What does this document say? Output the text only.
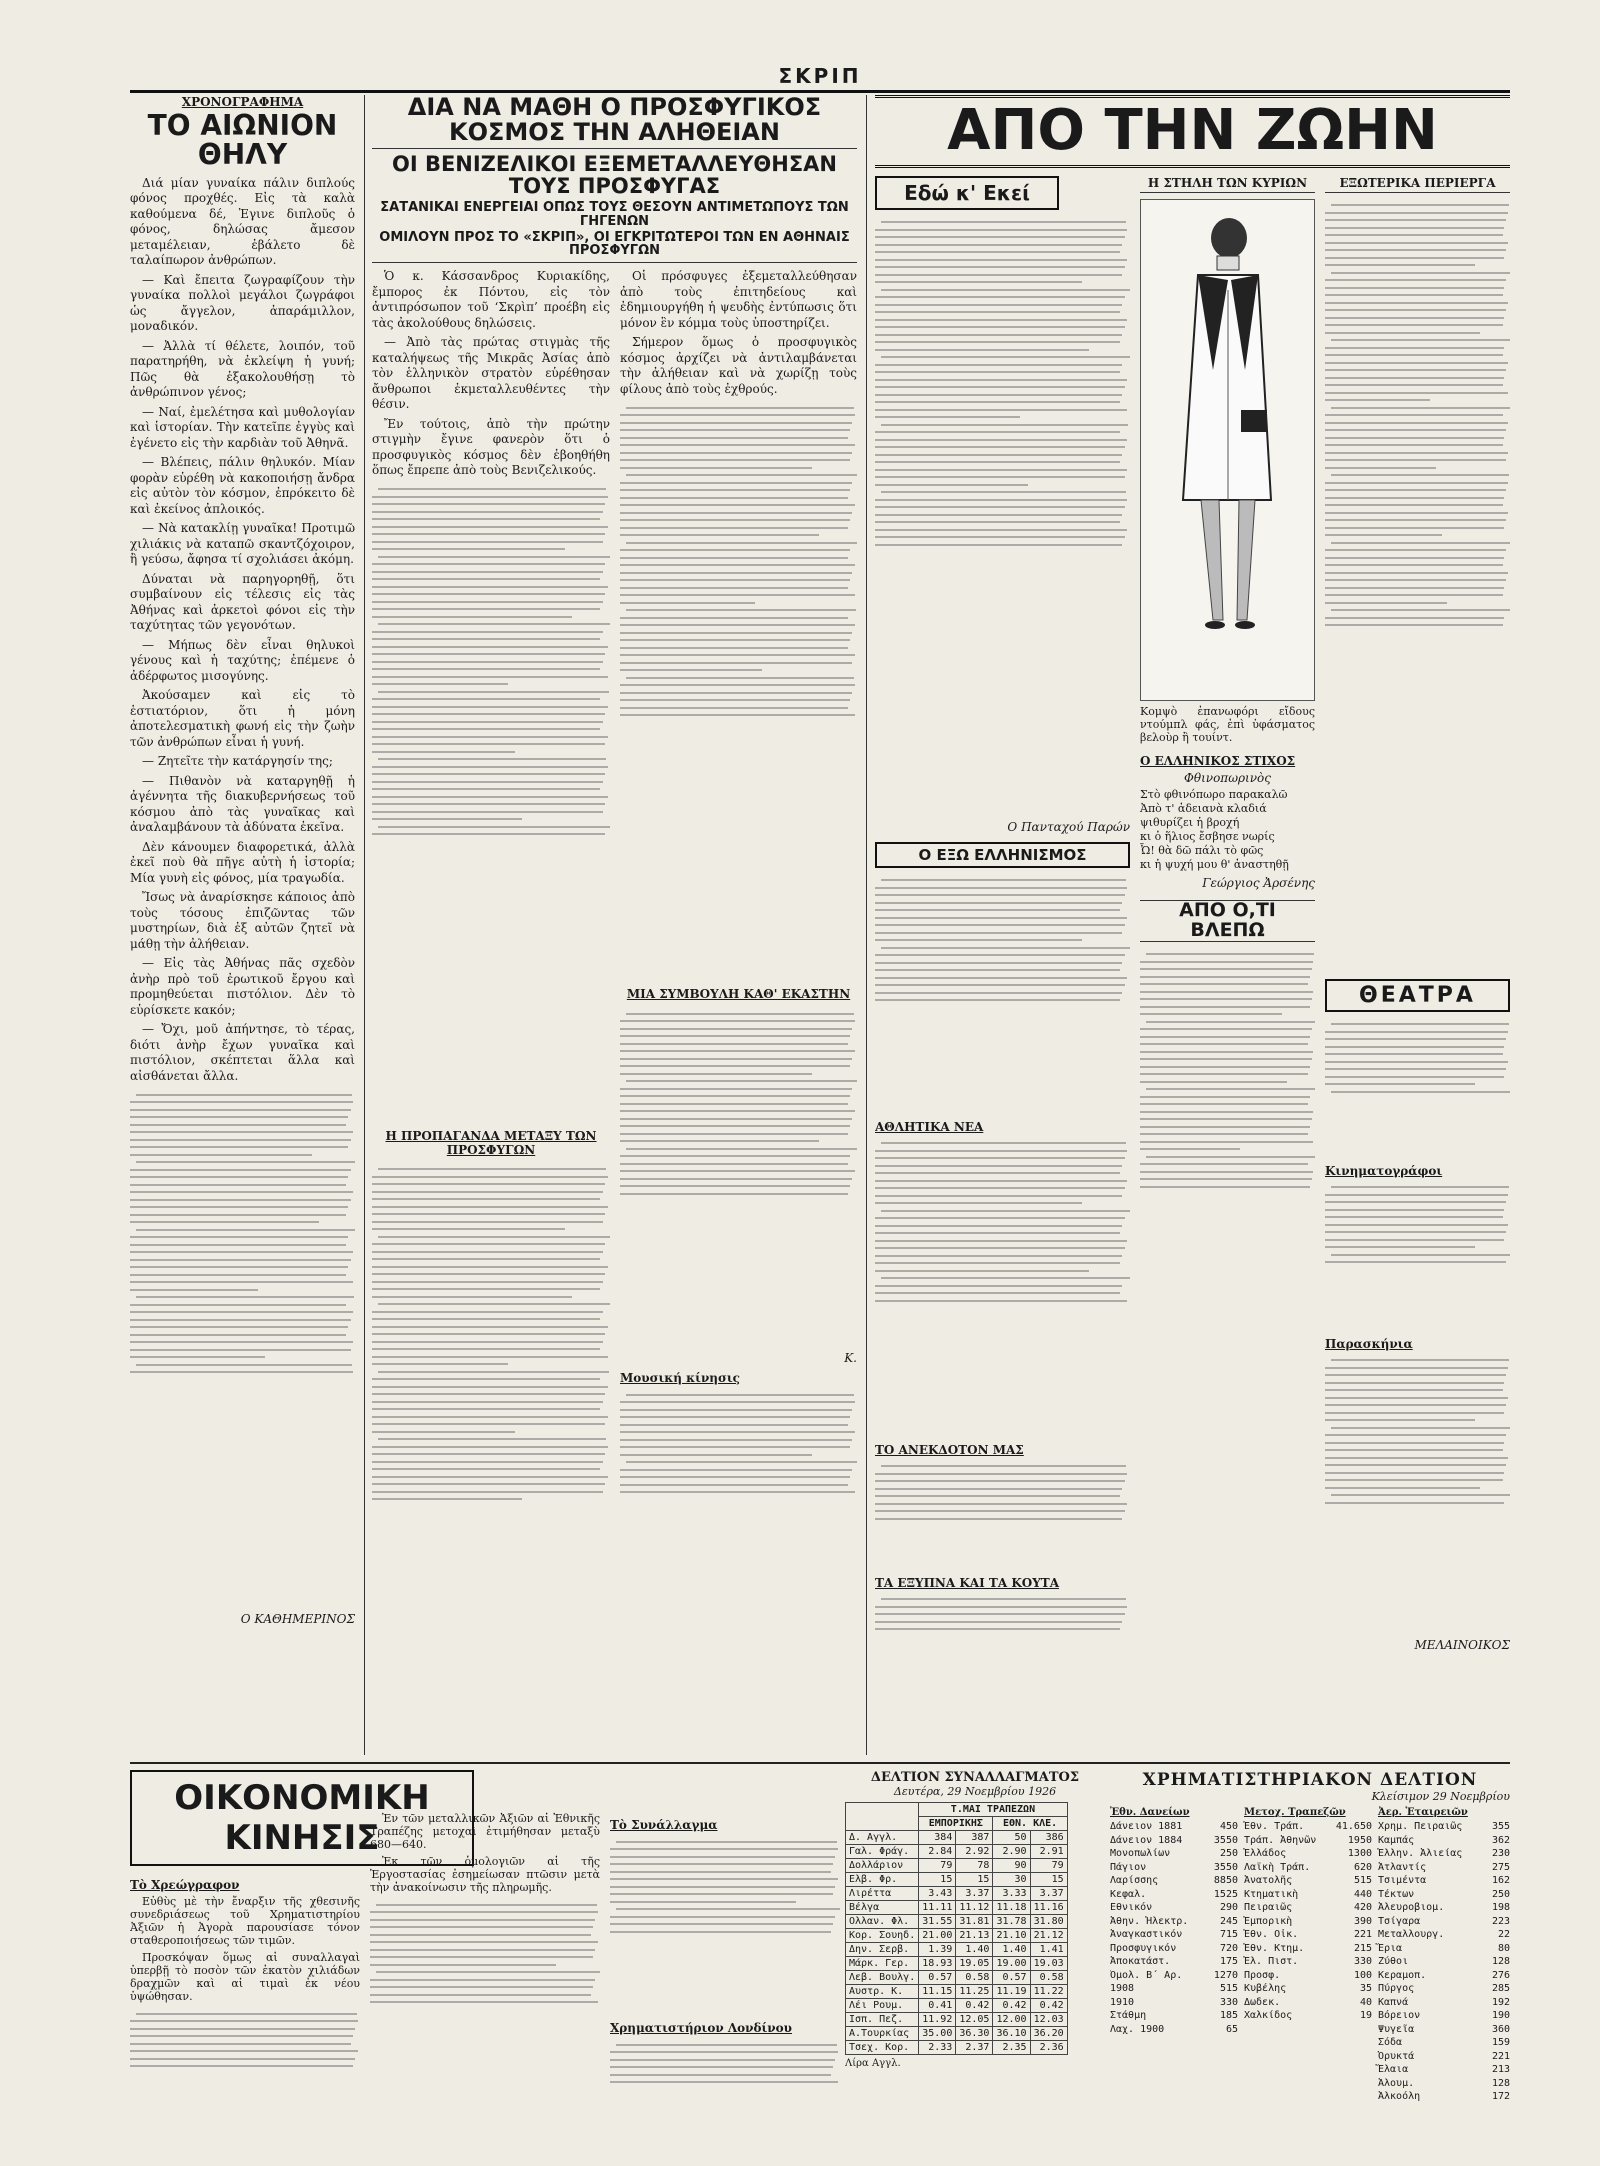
ΣΚΡΙΠ
ΧΡΟΝΟΓΡΑΦΗΜΑ
ΤΟ ΑΙΩΝΙΟΝ ΘΗΛΥ

Διά μίαν γυναίκα πάλιν διπλούς φόνος προχθές. Εἰς τὰ καλὰ καθούμενα δέ, Ἐγινε διπλοῦς ὁ φόνος, δηλώσας ἄμεσον μεταμέλειαν, ἐβάλετο δὲ ταλαίπωρον ἀνθρώπων.

— Καὶ ἔπειτα ζωγραφίζουν τὴν γυναίκα πολλοὶ μεγάλοι ζωγράφοι ὡς ἄγγελον, ἀπαράμιλλον, μοναδικόν.

— Ἀλλὰ τί θέλετε, λοιπόν, τοῦ παρατηρήθη, νὰ ἐκλείψη ἡ γυνή; Πῶς θὰ ἐξακολουθήσῃ τὸ ἀνθρώπινον γένος;

— Ναί, ἐμελέτησα καὶ μυθολογίαν καὶ ἱστορίαν. Τὴν κατεῖπε ἐγγὺς καὶ ἐγένετο εἰς τὴν καρδιὰν τοῦ Ἀθηνᾶ.

— Βλέπεις, πάλιν θηλυκόν. Μίαν φορὰν εὑρέθη νὰ κακοποιήσῃ ἄνδρα εἰς αὐτὸν τὸν κόσμον, ἐπρόκειτο δὲ καὶ ἐκείνος ἀπλοικός.

— Νὰ κατακλίῃ γυναῖκα! Προτιμῶ χιλιάκις νὰ καταπῶ σκαντζόχοιρον, ἢ γεύσω, ἄφησα τί σχολιάσει ἀκόμη.

Δύναται νὰ παρηγορηθῇ, ὅτι συμβαίνουν εἰς τέλεσις εἰς τὰς Ἀθήνας καὶ ἀρκετοὶ φόνοι εἰς τὴν ταχύτητας τῶν γεγονότων.

— Μήπως δὲν εἶναι θηλυκοὶ γένους καὶ ἡ ταχύτης; ἐπέμενε ὁ ἀδέρφωτος μισογύνης.

Ἀκούσαμεν καὶ εἰς τὸ ἑστιατόριον, ὅτι ἡ μόνη ἀποτελεσματικὴ φωνή εἰς τὴν ζωὴν τῶν ἀνθρώπων εἶναι ἡ γυνή.

— Ζητεῖτε τὴν κατάργησίν της;

— Πιθανὸν νὰ καταργηθῇ ἡ ἀγέννητα τῆς διακυβερνήσεως τοῦ κόσμου ἀπὸ τὰς γυναῖκας καὶ ἀναλαμβάνουν τὰ ἀδύνατα ἐκεῖνα.

Δὲν κάνουμεν διαφορετικά, ἀλλὰ ἐκεῖ ποὺ θὰ πῆγε αὐτὴ ἡ ἱστορία; Μία γυνὴ εἰς φόνος, μία τραγωδία.

Ἴσως νὰ ἀναρίσκησε κάποιος ἀπὸ τοὺς τόσους ἐπιζῶντας τῶν μυστηρίων, διὰ ἐξ αὐτῶν ζητεῖ νὰ μάθῃ τὴν ἀλήθειαν.

— Εἰς τὰς Ἀθήνας πᾶς σχεδὸν ἀνὴρ πρὸ τοῦ ἐρωτικοῦ ἔργου καὶ προμηθεύεται πιστόλιον. Δὲν τὸ εὑρίσκετε κακόν;

— Ὄχι, μοῦ ἀπήντησε, τὸ τέρας, διότι ἀνὴρ ἔχων γυναῖκα καὶ πιστόλιον, σκέπτεται ἅλλα καὶ αἰσθάνεται ἄλλα.

Ο ΚΑΘΗΜΕΡΙΝΟΣ
ΔΙΑ ΝΑ ΜΑΘΗ Ο ΠΡΟΣΦΥΓΙΚΟΣ ΚΟΣΜΟΣ ΤΗΝ ΑΛΗΘΕΙΑΝ
ΟΙ ΒΕΝΙΖΕΛΙΚΟΙ ΕΞΕΜΕΤΑΛΛΕΥΘΗΣΑΝ ΤΟΥΣ ΠΡΟΣΦΥΓΑΣ
ΣΑΤΑΝΙΚΑΙ ΕΝΕΡΓΕΙΑΙ ΟΠΩΣ ΤΟΥΣ ΘΕΣΟΥΝ ΑΝΤΙΜΕΤΩΠΟΥΣ ΤΩΝ ΓΗΓΕΝΩΝ
ΟΜΙΛΟΥΝ ΠΡΟΣ ΤΟ «ΣΚΡΙΠ», ΟΙ ΕΓΚΡΙΤΩΤΕΡΟΙ ΤΩΝ ΕΝ ΑΘΗΝΑΙΣ ΠΡΟΣΦΥΓΩΝ

Ὁ κ. Κάσσανδρος Κυριακίδης, ἔμπορος ἐκ Πόντου, εἰς τὸν ἀντιπρόσωπον τοῦ ‘Σκρὶπ’ προέβη εἰς τὰς ἀκολούθους δηλώσεις.

— Ἀπὸ τὰς πρώτας στιγμὰς τῆς καταλήψεως τῆς Μικρᾶς Ἀσίας ἀπὸ τὸν ἑλληνικὸν στρατὸν εὑρέθησαν ἄνθρωποι ἐκμεταλλευθέντες τὴν θέσιν.

Ἔν τούτοις, ἀπὸ τὴν πρώτην στιγμὴν ἔγινε φανερὸν ὅτι ὁ προσφυγικὸς κόσμος δὲν ἐβοηθήθη ὅπως ἔπρεπε ἀπὸ τοὺς Βενιζελικούς.

Η ΠΡΟΠΑΓΑΝΔΑ ΜΕΤΑΞΥ ΤΩΝ ΠΡΟΣΦΥΓΩΝ

Οἱ πρόσφυγες ἐξεμεταλλεύθησαν ἀπὸ τοὺς ἐπιτηδείους καὶ ἐδημιουργήθη ἡ ψευδὴς ἐντύπωσις ὅτι μόνον ἓν κόμμα τοὺς ὑποστηρίζει.

Σήμερον ὅμως ὁ προσφυγικὸς κόσμος ἀρχίζει νὰ ἀντιλαμβάνεται τὴν ἀλήθειαν καὶ νὰ χωρίζῃ τοὺς φίλους ἀπὸ τοὺς ἐχθρούς.

ΜΙΑ ΣΥΜΒΟΥΛΗ ΚΑΘ' ΕΚΑΣΤΗΝ
Κ.
Μουσική κίνησις
ΑΠΟ ΤΗΝ ΖΩΗΝ
Εδώ κ' Εκεί
Ο Πανταχού Παρών
Ο ΕΞΩ ΕΛΛΗΝΙΣΜΟΣ
ΑΘΛΗΤΙΚΑ ΝΕΑ
ΤΟ ΑΝΕΚΔΟΤΟΝ ΜΑΣ
ΤΑ ΕΞΥΠΝΑ ΚΑΙ ΤΑ ΚΟΥΤΑ
Η ΣΤΗΛΗ ΤΩΝ ΚΥΡΙΩΝ
Κομψὸ ἐπανωφόρι εἴδους ντούμπλ φάς, ἐπὶ ὑφάσματος βελοὺρ ἢ τουίντ.
Ο ΕΛΛΗΝΙΚΟΣ ΣΤΙΧΟΣ
Φθινοπωρινὸς
Στὸ φθινόπωρο παρακαλῶ
Ἀπὸ τ' ἀδειανὰ κλαδιά
ψιθυρίζει ἡ βροχή
κι ὁ ἥλιος ἔσβησε νωρίς
Ὦ! θὰ δῶ πάλι τὸ φῶς
κι ἡ ψυχή μου θ' ἀναστηθῇ
Γεώργιος Ἀρσένης
ΑΠΟ Ο,ΤΙ ΒΛΕΠΩ
ΕΞΩΤΕΡΙΚΑ ΠΕΡΙΕΡΓΑ
ΘΕΑΤΡΑ
Κινηματογράφοι
Παρασκήνια
ΜΕΛΑΙΝΟΙΚΟΣ
ΟΙΚΟΝΟΜΙΚΗ ΚΙΝΗΣΙΣ
Τὸ Χρεώγραφον

Εὐθὺς μὲ τὴν ἔναρξιν τῆς χθεσινῆς συνεδριάσεως τοῦ Χρηματιστηρίου Ἀξιῶν ἡ Ἀγορὰ παρουσίασε τόνον σταθεροποιήσεως τῶν τιμῶν.

Προσκόψαν ὅμως αἱ συναλλαγαὶ ὑπερβῇ τὸ ποσὸν τῶν ἑκατὸν χιλιάδων δραχμῶν καὶ αἱ τιμαὶ ἐκ νέου ὑψώθησαν.

Ἐν τῶν μεταλλικῶν Ἀξιῶν αἱ Ἐθνικῆς Τραπέζης μετοχαὶ ἐτιμήθησαν μεταξὺ 680—640.

Ἐκ τῶν ὁμολογιῶν αἱ τῆς Ἐργοστασίας ἐσημείωσαν πτῶσιν μετὰ τὴν ἀνακοίνωσιν τῆς πληρωμῆς.

Τὸ Συνάλλαγμα
Χρηματιστήριον Λονδίνου
ΔΕΛΤΙΟΝ ΣΥΝΑΛΛΑΓΜΑΤΟΣ
Δευτέρα, 29 Νοεμβρίου 1926
	Τ.ΜΑΙ ΤΡΑΠΕΖΩΝ			
	ΕΜΠΟΡΙΚΗΣ		ΕΘΝ. ΚΛΕ.	
Δ. Αγγλ.	384	387	50	386
Γαλ. Φράγ.	2.84	2.92	2.90	2.91
Δολλάριον	79	78	90	79
Ελβ. Φρ.	15	15	30	15
Λιρέττα	3.43	3.37	3.33	3.37
Βέλγα	11.11	11.12	11.18	11.16
Ολλαν. Φλ.	31.55	31.81	31.78	31.80
Κορ. Σουηδ.	21.00	21.13	21.10	21.12
Δην. Σερβ.	1.39	1.40	1.40	1.41
Μάρκ. Γερ.	18.93	19.05	19.00	19.03
Λεβ. Βουλγ.	0.57	0.58	0.57	0.58
Αυστρ. Κ.	11.15	11.25	11.19	11.22
Λέι Ρουμ.	0.41	0.42	0.42	0.42
Ισπ. Πεζ.	11.92	12.05	12.00	12.03
Α.Τουρκίας	35.00	36.30	36.10	36.20
Τσεχ. Κορ.	2.33	2.37	2.35	2.36
Λίρα Αγγλ.
ΧΡΗΜΑΤΙΣΤΗΡΙΑΚΟΝ ΔΕΛΤΙΟΝ
Κλείσιμον 29 Νοεμβρίου
Ἐθν. Δανείων
Δάνειον 1881	450
Δάνειον 1884	3550
Μονοπωλίων	250
Πάγιον	3550
Λαρίσσης	8850
Κεφαλ.	1525
Εθνικόν	290
Ἀθην. Ἠλεκτρ.	245
Ἀναγκαστικόν	715
Προσφυγικόν	720
Ἀποκατάστ.	175
Ὁμολ. Β΄ Αρ.	1270
1908	515
1910	330
Στάθμη	185
Λαχ. 1900	65
Μετοχ. Τραπεζῶν
Ἐθν. Τράπ.	41.650
Τράπ. Ἀθηνῶν	1950
Ἑλλάδος	1300
Λαϊκὴ Τράπ.	620
Ἀνατολῆς	515
Κτηματικὴ	440
Πειραιῶς	420
Ἐμπορικὴ	390
Ἐθν. Οἰκ.	221
Ἐθν. Κτημ.	215
Ἐλ. Πιστ.	330
Προσφ.	100
Κυβέλης	35
Δωδεκ.	40
Χαλκίδος	19
Ἀερ. Ἑταιρειῶν
Χρημ. Πειραιῶς	355
Καμπάς	362
Ἑλλην. Ἀλιείας	230
Ἀτλαντίς	275
Τσιμέντα	162
Τέκτων	250
Ἀλευροβιομ.	198
Τσίγαρα	223
Μεταλλουργ.	22
Ἔρια	80
Ζύθοι	128
Κεραμοπ.	276
Πύργος	285
Καπνά	192
Βόρειον	190
Ψυγεῖα	360
Σόδα	159
Ὀρυκτά	221
Ἔλαια	213
Ἀλουμ.	128
Ἀλκοόλη	172
